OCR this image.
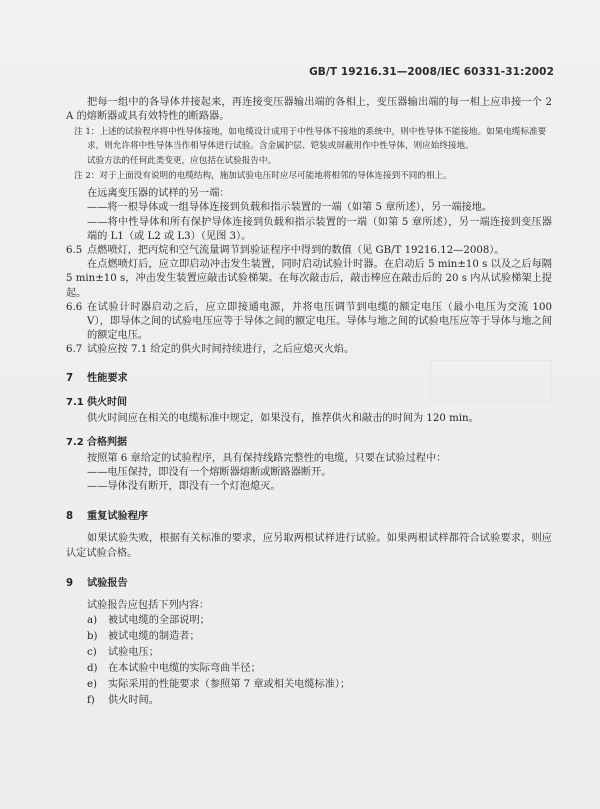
GB/T 19216.31—2008/IEC 60331-31:2002

把每一组中的各导体并接起来，再连接变压器输出端的各相上，变压器输出端的每一相上应串接一个 2 A 的熔断器或具有效特性的断路器。

注 1：上述的试验程序将中性导体接地，如电缆设计成用于中性导体不接地的系统中，则中性导体不能接地。如果电缆标准要求，则允许将中性导体当作相导体进行试验。含金属护层、铠装或屏蔽用作中性导体，则应始终接地。

试验方法的任何此类变更，应包括在试验报告中。

注 2：对于上面没有说明的电缆结构，施加试验电压时应尽可能地将相邻的导体连接到不同的相上。

在远离变压器的试样的另一端：

——将一根导体或一组导体连接到负载和指示装置的一端（如第 5 章所述），另一端接地。

——将中性导体和所有保护导体连接到负载和指示装置的一端（如第 5 章所述），另一端连接到变压器端的 L1（或 L2 或 L3）（见图 3）。

6.5 点燃喷灯，把丙烷和空气流量调节到验证程序中得到的数值（见 GB/T 19216.12—2008）。

在点燃喷灯后，应立即启动冲击发生装置，同时启动试验计时器。在启动后 5 min±10 s 以及之后每隔 5 min±10 s，冲击发生装置应敲击试验梯架。在每次敲击后，敲击棒应在敲击后的 20 s 内从试验梯架上提起。

6.6 在试验计时器启动之后，应立即接通电源，并将电压调节到电缆的额定电压（最小电压为交流 100 V），即导体之间的试验电压应等于导体之间的额定电压。导体与地之间的试验电压应等于导体与地之间的额定电压。

6.7 试验应按 7.1 给定的供火时间持续进行，之后应熄灭火焰。

7 性能要求

7.1 供火时间

供火时间应在相关的电缆标准中规定，如果没有，推荐供火和敲击的时间为 120 min。

7.2 合格判据

按照第 6 章给定的试验程序，具有保持线路完整性的电缆，只要在试验过程中：

——电压保持，即没有一个熔断器熔断或断路器断开。

——导体没有断开，即没有一个灯泡熄灭。

8 重复试验程序

如果试验失败，根据有关标准的要求，应另取两根试样进行试验。如果两根试样都符合试验要求，则应认定试验合格。

9 试验报告

试验报告应包括下列内容：

a)	被试电缆的全部说明；

b)	被试电缆的制造者；

c)	试验电压；

d)	在本试验中电缆的实际弯曲半径；

e)	实际采用的性能要求（参照第 7 章或相关电缆标准）；

f)	供火时间。
